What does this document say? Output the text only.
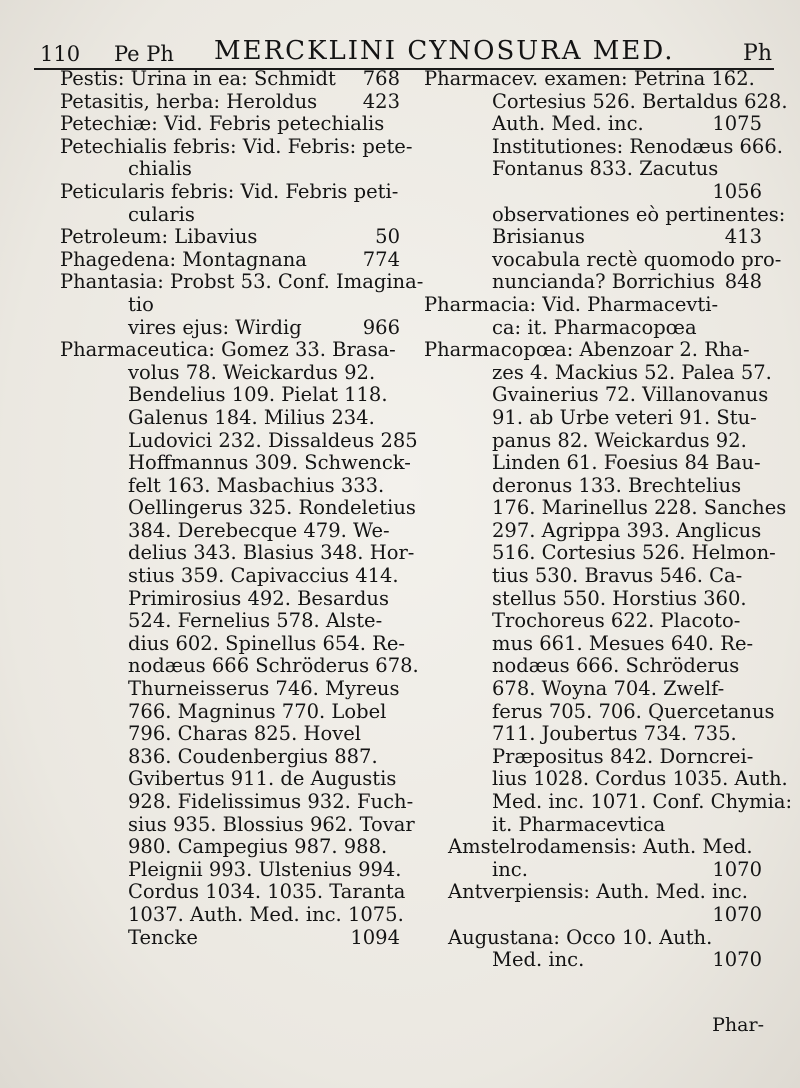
110 Pe Ph MERCKLINI CYNOSURA MED.	Ph
Pestis: Urina in ea: Schmidt 768
Petasitis, herba: Heroldus 423
Petechiæ: Vid. Febris petechialis
Petechialis febris: Vid. Febris: pete-
chialis
Peticularis febris: Vid. Febris peti-
cularis
Petroleum: Libavius	50
Phagedena: Montagnana	774
Phantasia: Probst 53. Conf. Imagina-
tio
vires ejus: Wirdig	966
Pharmaceutica: Gomez 33. Brasa-
volus 78. Weickardus 92.
Bendelius 109. Pielat 118.
Galenus 184. Milius 234.
Ludovici 232. Dissaldeus 285
Hoffmannus 309. Schwenck-
felt 163. Masbachius 333.
Oellingerus 325. Rondeletius
384. Derebecque 479. We-
delius 343. Blasius 348. Hor-
stius 359. Capivaccius 414.
Primirosius 492. Besardus
524. Fernelius 578. Alste-
dius 602. Spinellus 654. Re-
nodæus 666 Schröderus 678.
Thurneisserus 746. Myreus
766. Magninus 770. Lobel
796. Charas 825. Hovel
836. Coudenbergius 887.
Gvibertus 911. de Augustis
928. Fidelissimus 932. Fuch-
sius 935. Blossius 962. Tovar
980. Campegius 987. 988.
Pleignii 993. Ulstenius 994.
Cordus 1034. 1035. Taranta
1037. Auth. Med. inc. 1075.
Tencke	1094
Pharmacev. examen: Petrina 162.
Cortesius 526. Bertaldus 628.
Auth. Med. inc.	1075
Institutiones: Renodæus 666.
Fontanus 833. Zacutus
1056
observationes eò pertinentes:
Brisianus	413
vocabula rectè quomodo pro-
nuncianda? Borrichius 848
Pharmacia: Vid. Pharmacevti-
ca: it. Pharmacopœa
Pharmacopœa: Abenzoar 2. Rha-
zes 4. Mackius 52. Palea 57.
Gvainerius 72. Villanovanus
91. ab Urbe veteri 91. Stu-
panus 82. Weickardus 92.
Linden 61. Foesius 84 Bau-
deronus 133. Brechtelius
176. Marinellus 228. Sanches
297. Agrippa 393. Anglicus
516. Cortesius 526. Helmon-
tius 530. Bravus 546. Ca-
stellus 550. Horstius 360.
Trochoreus 622. Placoto-
mus 661. Mesues 640. Re-
nodæus 666. Schröderus
678. Woyna 704. Zwelf-
ferus 705. 706. Quercetanus
711. Joubertus 734. 735.
Præpositus 842. Dorncrei-
lius 1028. Cordus 1035. Auth.
Med. inc. 1071. Conf. Chymia:
it. Pharmacevtica
Amstelrodamensis: Auth. Med.
inc.	1070
Antverpiensis: Auth. Med. inc.
1070
Augustana: Occo 10. Auth.
Med. inc.	1070
Phar-
